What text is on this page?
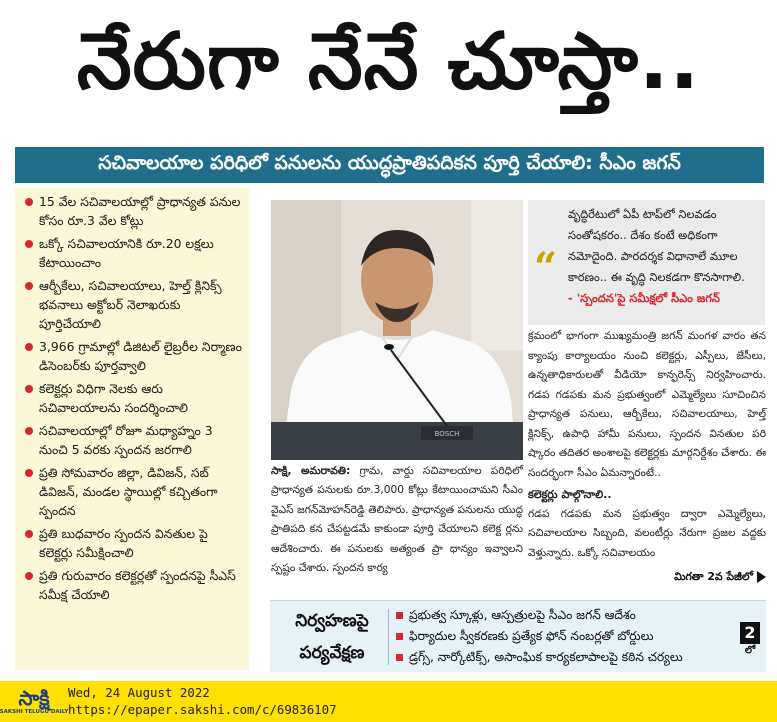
నేరుగా నేనే చూస్తా..
సచివాలయాల పరిధిలో పనులను యుద్ధప్రాతిపదికన పూర్తి చేయాలి: సీఎం జగన్
15 వేల సచివాలయాల్లో ప్రాధాన్యత పనుల కోసం రూ.3 వేల కోట్లు
ఒక్కో సచివాలయానికి రూ.20 లక్షలు కేటాయించాం
ఆర్బీకేలు, సచివాలయాలు, హెల్త్‌ క్లినిక్స్‌ భవనాలు అక్టోబర్‌ నెలాఖరుకు పూర్తిచేయాలి
3,966 గ్రామాల్లో డిజిటల్‌ లైబ్రరీల నిర్మాణం డిసెంబర్‌కు పూర్తవ్వాలి
కలెక్టర్లు విధిగా నెలకు ఆరు సచివాలయాలను సందర్శించాలి
సచివాలయాల్లో రోజూ మధ్యాహ్నం 3 నుంచి 5 వరకు స్పందన జరగాలి
ప్రతి సోమవారం జిల్లా, డివిజన్, సబ్‌ డివిజన్, మండల స్థాయిల్లో కచ్చితంగా స్పందన
ప్రతి బుధవారం స్పందన వినతుల పై కలెక్టర్లు సమీక్షించాలి
ప్రతి గురువారం కలెక్టర్లతో స్పందనపై సీఎస్‌ సమీక్ష చేయాలి
BOSCH
సాక్షి, అమరావతి: గ్రామ, వార్డు సచివాలయాల పరిధిలో ప్రాధాన్యత పనులకు రూ.3,000 కోట్లు కేటాయించామని సీఎం వైఎస్‌ జగన్‌మోహన్‌రెడ్డి తెలిపారు. ప్రాధాన్యత పనులను యుద్ధ ప్రాతిపది కన చేపట్టడమే కాకుండా పూర్తి చేయాలని కలెక్ట ర్లను ఆదేశించారు. ఈ పనులకు అత్యంత ప్రా ధాన్యం ఇవ్వాలని స్పష్టం చేశారు. స్పందన కార్య
“
వృద్ధిరేటులో ఏపీ టాప్‌లో నిలవడం సంతోషకరం.. దేశం కంటే అధికంగా నమోదైంది. పారదర్శక విధానాలే మూల కారణం.. ఈ వృద్ధి నిలకడగా కొనసాగాలి.
- 'స్పందన'పై సమీక్షలో సీఎం జగన్‌
క్రమంలో భాగంగా ముఖ్యమంత్రి జగన్‌ మంగళ వారం తన క్యాంపు కార్యాలయం నుంచి కలెక్టర్లు, ఎస్పీలు, జేసీలు, ఉన్నతాధికారులతో వీడియో కాన్ఫరెన్స్‌ నిర్వహించారు. గడప గడపకు మన ప్రభుత్వంలో ఎమ్మెల్యేలు సూచించిన ప్రాధాన్యత పనులు, ఆర్బీకేలు, సచివాలయాలు, హెల్త్‌ క్లినిక్స్, ఉపాధి హామీ పనులు, స్పందన వినతుల పరి ష్కారం తదితర అంశాలపై కలెక్టర్లకు మార్గనిర్దేశం చేశారు. ఈ సందర్భంగా సీఎం ఏమన్నారంటే..
కలెక్టర్లు పాల్గొనాలి..
గడప గడపకు మన ప్రభుత్వం ద్వారా ఎమ్మెల్యేలు, సచివాలయాల సిబ్బంది, వలంటీర్లు నేరుగా ప్రజల వద్దకు వెళ్తున్నారు. ఒక్కో సచివాలయం
మిగతా 2వ పేజీలో
నిర్వహణపై
పర్యవేక్షణ
ప్రభుత్వ స్కూళ్లు, ఆస్పత్రులపై సీఎం జగన్‌ ఆదేశం
ఫిర్యాదుల స్వీకరణకు ప్రత్యేక ఫోన్‌ నంబర్లతో బోర్డులు
డ్రగ్స్, నార్కోటిక్స్, అసాంఘిక కార్యకలాపాలపై కఠిన చర్యలు
2
లో
సాక్షి
SAKSHI TELUGU DAILY
Wed, 24 August 2022
https://epaper.sakshi.com/c/69836107
